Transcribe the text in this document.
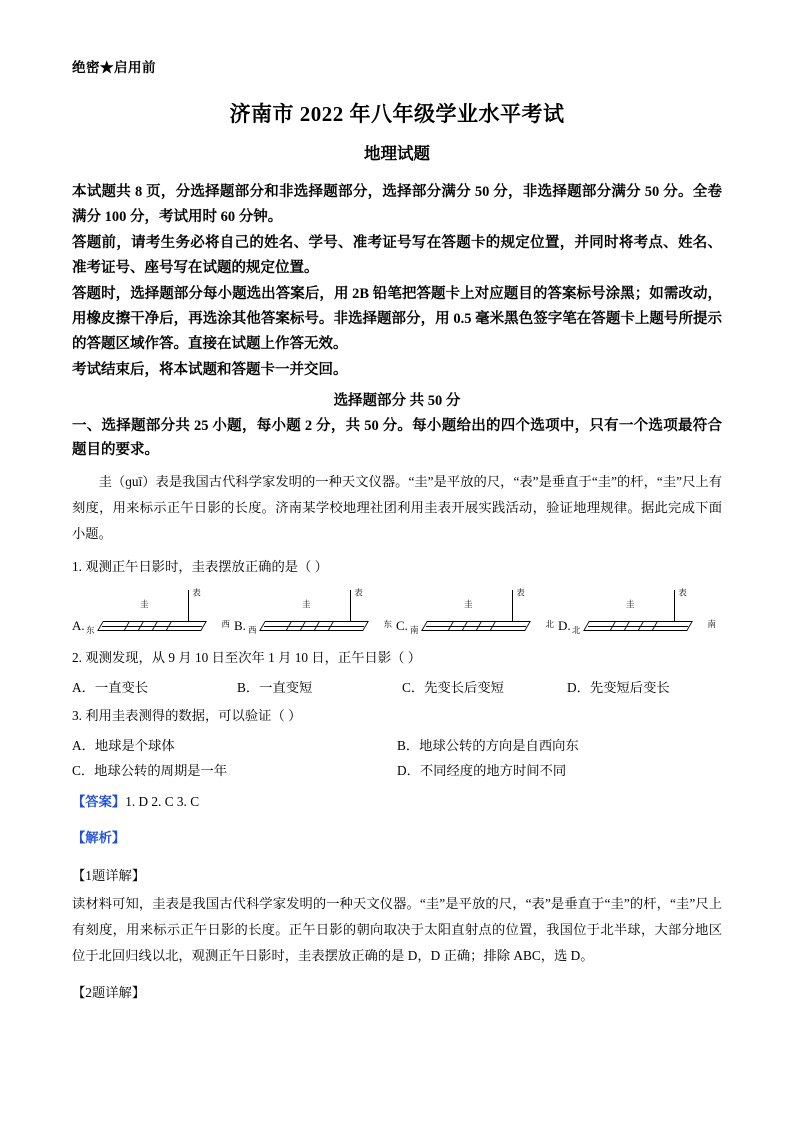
绝密★启用前
济南市 2022 年八年级学业水平考试
地理试题
本试题共 8 页，分选择题部分和非选择题部分，选择部分满分 50 分，非选择题部分满分 50 分。全卷满分 100 分，考试用时 60 分钟。
答题前，请考生务必将自己的姓名、学号、准考证号写在答题卡的规定位置，并同时将考点、姓名、准考证号、座号写在试题的规定位置。
答题时，选择题部分每小题选出答案后，用 2B 铅笔把答题卡上对应题目的答案标号涂黑；如需改动，用橡皮擦干净后，再选涂其他答案标号。非选择题部分，用 0.5 毫米黑色签字笔在答题卡上题号所提示的答题区域作答。直接在试题上作答无效。
考试结束后，将本试题和答题卡一并交回。
选择题部分 共 50 分
一、选择题部分共 25 小题，每小题 2 分，共 50 分。每小题给出的四个选项中，只有一个选项最符合题目的要求。
圭（ɡuī）表是我国古代科学家发明的一种天文仪器。“圭”是平放的尺，“表”是垂直于“圭”的杆，“圭”尺上有刻度，用来标示正午日影的长度。济南某学校地理社团利用圭表开展实践活动，验证地理规律。据此完成下面小题。
1. 观测正午日影时，圭表摆放正确的是（ ）
A.
表
圭
东
西 B.
表
圭
西
东 C.
表
圭
南
北 D.
表
圭
北
南
2. 观测发现，从 9 月 10 日至次年 1 月 10 日，正午日影（ ）
A．一直变长	B．一直变短	C．先变长后变短	D．先变短后变长
3. 利用圭表测得的数据，可以验证（ ）
A．地球是个球体	B．地球公转的方向是自西向东
C．地球公转的周期是一年	D．不同经度的地方时间不同
【答案】1. D 2. C 3. C
【解析】
【1题详解】
读材料可知，圭表是我国古代科学家发明的一种天文仪器。“圭”是平放的尺，“表”是垂直于“圭”的杆，“圭”尺上有刻度，用来标示正午日影的长度。正午日影的朝向取决于太阳直射点的位置，我国位于北半球，大部分地区位于北回归线以北，观测正午日影时，圭表摆放正确的是 D，D 正确；排除 ABC，选 D。
【2题详解】
